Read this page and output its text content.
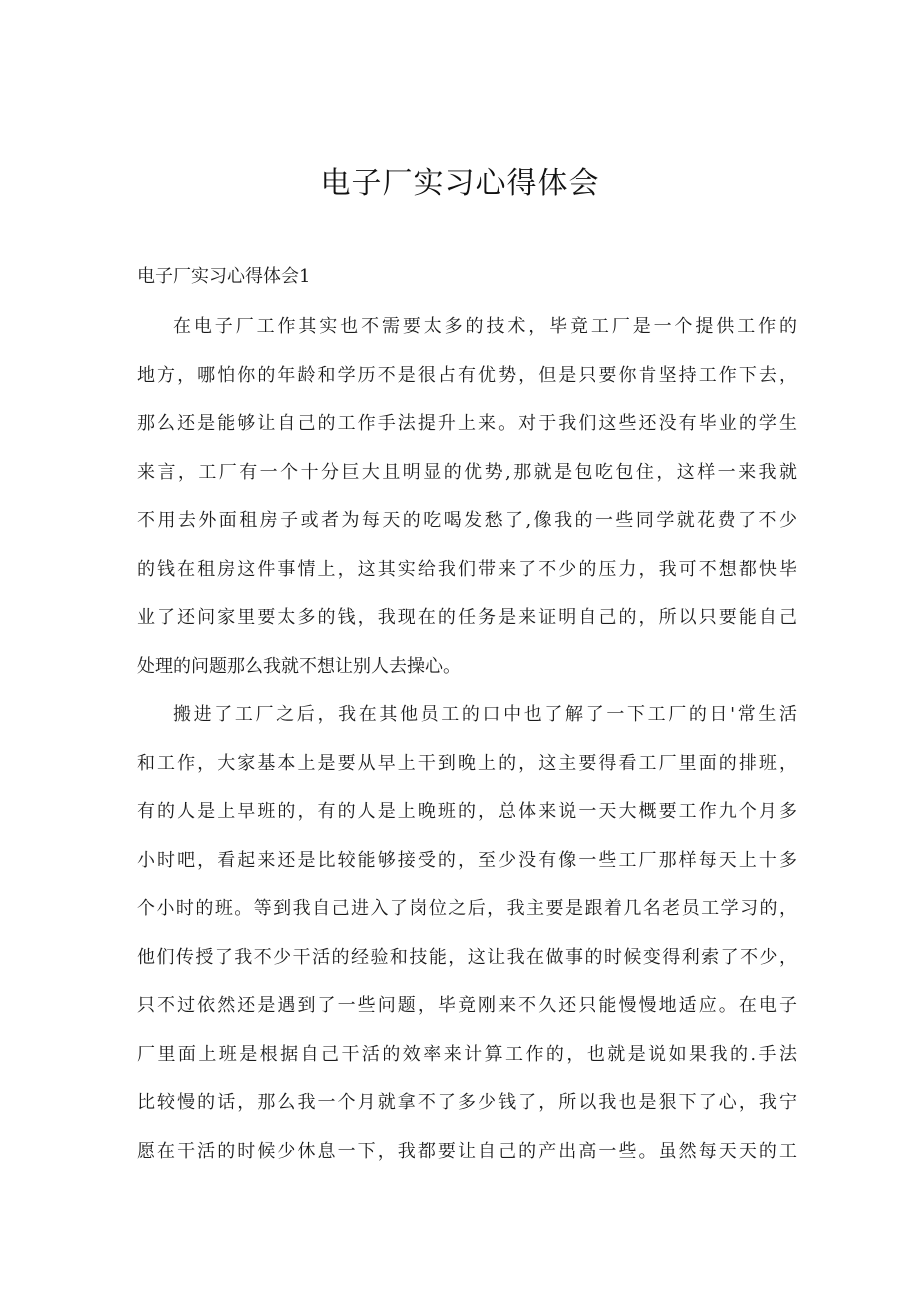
电子厂实习心得体会

电子厂实习心得体会1

在电子厂工作其实也不需要太多的技术，毕竟工厂是一个提供工作的
地方，哪怕你的年龄和学历不是很占有优势，但是只要你肯坚持工作下去，
那么还是能够让自己的工作手法提升上来。对于我们这些还没有毕业的学生
来言，工厂有一个十分巨大且明显的优势,那就是包吃包住，这样一来我就
不用去外面租房子或者为每天的吃喝发愁了,像我的一些同学就花费了不少
的钱在租房这件事情上，这其实给我们带来了不少的压力，我可不想都快毕
业了还问家里要太多的钱，我现在的任务是来证明自己的，所以只要能自己
处理的问题那么我就不想让别人去操心。
搬进了工厂之后，我在其他员工的口中也了解了一下工厂的日'常生活
和工作，大家基本上是要从早上干到晚上的，这主要得看工厂里面的排班，
有的人是上早班的，有的人是上晚班的，总体来说一天大概要工作九个月多
小时吧，看起来还是比较能够接受的，至少没有像一些工厂那样每天上十多
个小时的班。等到我自己进入了岗位之后，我主要是跟着几名老员工学习的，
他们传授了我不少干活的经验和技能，这让我在做事的时候变得利索了不少，
只不过依然还是遇到了一些问题，毕竟刚来不久还只能慢慢地适应。在电子
厂里面上班是根据自己干活的效率来计算工作的，也就是说如果我的.手法
比较慢的话，那么我一个月就拿不了多少钱了，所以我也是狠下了心，我宁
愿在干活的时候少休息一下，我都要让自己的产出高一些。虽然每天天的工
